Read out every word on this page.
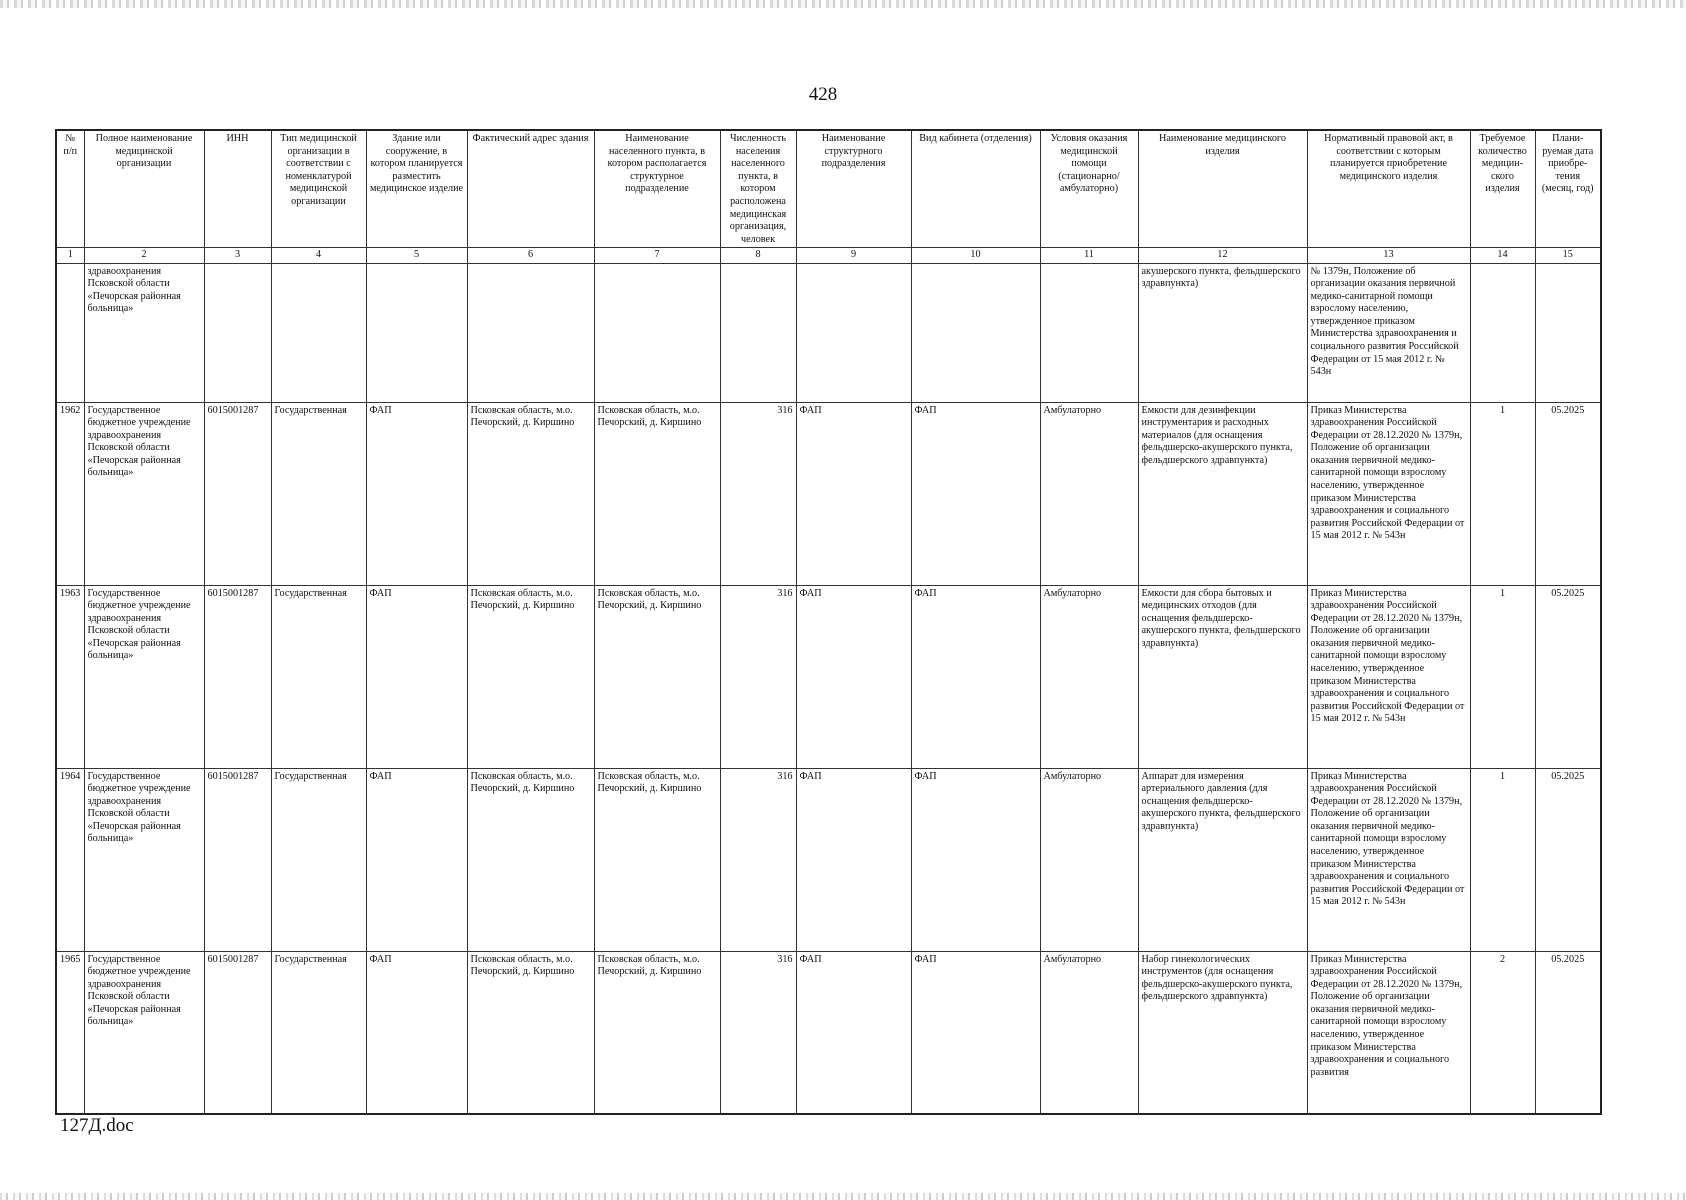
428
№ п/п	Полное наименование медицинской организации	ИНН	Тип медицинской организации в соответствии с номенклатурой медицинской организации	Здание или сооружение, в котором планируется разместить медицинское изделие	Фактический адрес здания	Наименование населенного пункта, в котором располагается структурное подразделение	Численность населения населенного пункта, в котором расположена медицинская организация, человек	Наименование структурного подразделения	Вид кабинета (отделения)	Условия оказания медицинской помощи (стационарно/ амбулаторно)	Наименование медицинского изделия	Нормативный правовой акт, в соответствии с которым планируется приобретение медицинского изделия	Требуемое количество медицин-ского изделия	Плани-руемая дата приобре-тения (месяц, год)
1	2	3	4	5	6	7	8	9	10	11	12	13	14	15
	здравоохранения Псковской области «Печорская районная больница»										акушерского пункта, фельдшерского здравпункта)	№ 1379н, Положение об организации оказания первичной медико-санитарной помощи взрослому населению, утвержденное приказом Министерства здравоохранения и социального развития Российской Федерации от 15 мая 2012 г. № 543н		
1962	Государственное бюджетное учреждение здравоохранения Псковской области «Печорская районная больница»	6015001287	Государственная	ФАП	Псковская область, м.о. Печорский, д. Киршино	Псковская область, м.о. Печорский, д. Киршино	316	ФАП	ФАП	Амбулаторно	Емкости для дезинфекции инструментария и расходных материалов (для оснащения фельдшерско-акушерского пункта, фельдшерского здравпункта)	Приказ Министерства здравоохранения Российской Федерации от 28.12.2020 № 1379н, Положение об организации оказания первичной медико-санитарной помощи взрослому населению, утвержденное приказом Министерства здравоохранения и социального развития Российской Федерации от 15 мая 2012 г. № 543н	1	05.2025
1963	Государственное бюджетное учреждение здравоохранения Псковской области «Печорская районная больница»	6015001287	Государственная	ФАП	Псковская область, м.о. Печорский, д. Киршино	Псковская область, м.о. Печорский, д. Киршино	316	ФАП	ФАП	Амбулаторно	Емкости для сбора бытовых и медицинских отходов (для оснащения фельдшерско-акушерского пункта, фельдшерского здравпункта)	Приказ Министерства здравоохранения Российской Федерации от 28.12.2020 № 1379н, Положение об организации оказания первичной медико-санитарной помощи взрослому населению, утвержденное приказом Министерства здравоохранения и социального развития Российской Федерации от 15 мая 2012 г. № 543н	1	05.2025
1964	Государственное бюджетное учреждение здравоохранения Псковской области «Печорская районная больница»	6015001287	Государственная	ФАП	Псковская область, м.о. Печорский, д. Киршино	Псковская область, м.о. Печорский, д. Киршино	316	ФАП	ФАП	Амбулаторно	Аппарат для измерения артериального давления (для оснащения фельдшерско-акушерского пункта, фельдшерского здравпункта)	Приказ Министерства здравоохранения Российской Федерации от 28.12.2020 № 1379н, Положение об организации оказания первичной медико-санитарной помощи взрослому населению, утвержденное приказом Министерства здравоохранения и социального развития Российской Федерации от 15 мая 2012 г. № 543н	1	05.2025
1965	Государственное бюджетное учреждение здравоохранения Псковской области «Печорская районная больница»	6015001287	Государственная	ФАП	Псковская область, м.о. Печорский, д. Киршино	Псковская область, м.о. Печорский, д. Киршино	316	ФАП	ФАП	Амбулаторно	Набор гинекологических инструментов (для оснащения фельдшерско-акушерского пункта, фельдшерского здравпункта)	Приказ Министерства здравоохранения Российской Федерации от 28.12.2020 № 1379н, Положение об организации оказания первичной медико-санитарной помощи взрослому населению, утвержденное приказом Министерства здравоохранения и социального развития	2	05.2025
127Д.doc
